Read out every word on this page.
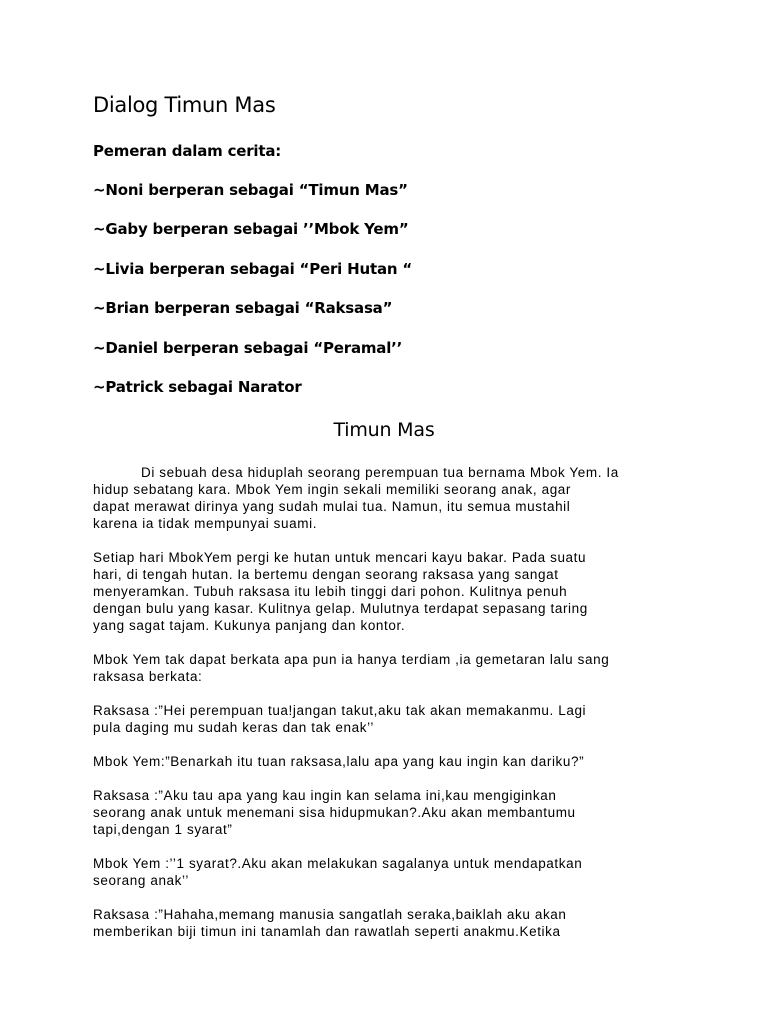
Dialog Timun Mas

Pemeran dalam cerita:

~Noni berperan sebagai “Timun Mas”

~Gaby berperan sebagai ’’Mbok Yem”

~Livia berperan sebagai “Peri Hutan “

~Brian berperan sebagai “Raksasa”

~Daniel berperan sebagai “Peramal’’

~Patrick sebagai Narator

Timun Mas

Di sebuah desa hiduplah seorang perempuan tua bernama Mbok Yem. Ia
hidup sebatang kara. Mbok Yem ingin sekali memiliki seorang anak, agar
dapat merawat dirinya yang sudah mulai tua. Namun, itu semua mustahil
karena ia tidak mempunyai suami.

Setiap hari MbokYem pergi ke hutan untuk mencari kayu bakar. Pada suatu
hari, di tengah hutan. Ia bertemu dengan seorang raksasa yang sangat
menyeramkan. Tubuh raksasa itu lebih tinggi dari pohon. Kulitnya penuh
dengan bulu yang kasar. Kulitnya gelap. Mulutnya terdapat sepasang taring
yang sagat tajam. Kukunya panjang dan kontor.

Mbok Yem tak dapat berkata apa pun ia hanya terdiam ,ia gemetaran lalu sang
raksasa berkata:

Raksasa :”Hei perempuan tua!jangan takut,aku tak akan memakanmu. Lagi
pula daging mu sudah keras dan tak enak’’

Mbok Yem:”Benarkah itu tuan raksasa,lalu apa yang kau ingin kan dariku?”

Raksasa :”Aku tau apa yang kau ingin kan selama ini,kau mengiginkan
seorang anak untuk menemani sisa hidupmukan?.Aku akan membantumu
tapi,dengan 1 syarat”

Mbok Yem :’’1 syarat?.Aku akan melakukan sagalanya untuk mendapatkan
seorang anak’’

Raksasa :”Hahaha,memang manusia sangatlah seraka,baiklah aku akan
memberikan biji timun ini tanamlah dan rawatlah seperti anakmu.Ketika
